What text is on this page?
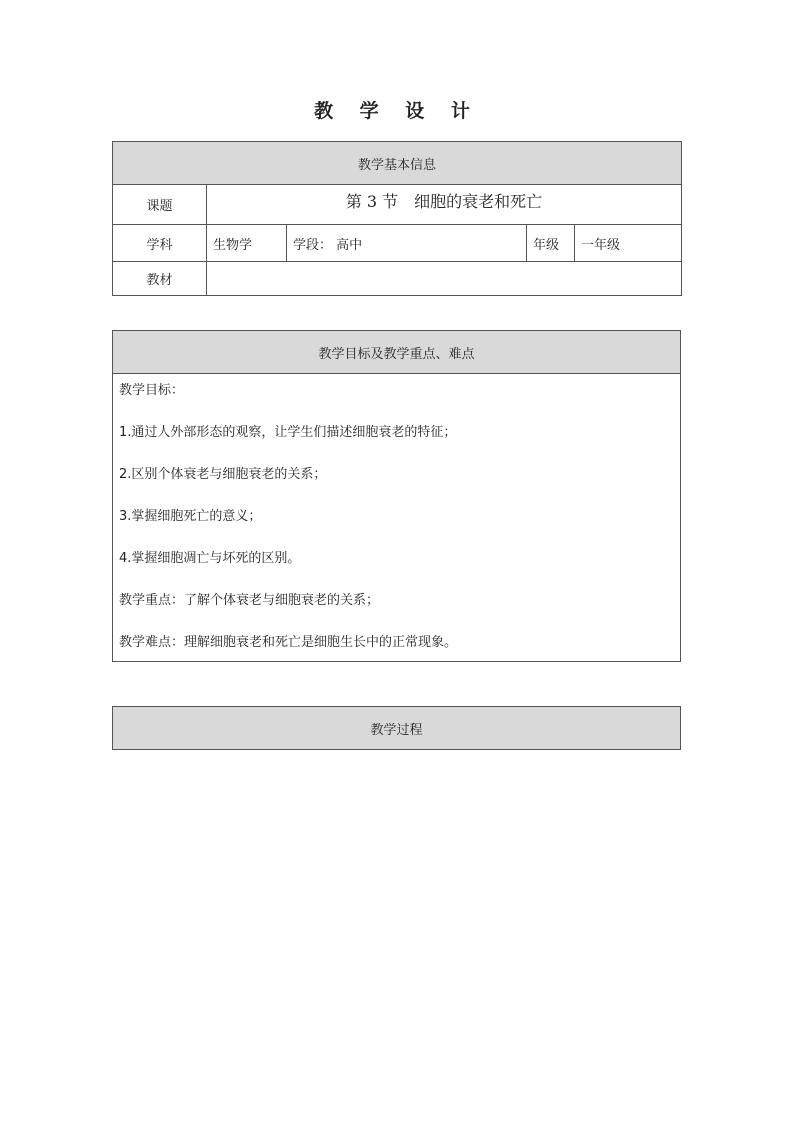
教 学 设 计
教学基本信息				
课题	第 3 节　细胞的衰老和死亡			
学科	生物学	学段： 高中	年级	一年级
教材				
教学目标及教学重点、难点

教学目标：

1.通过人外部形态的观察，让学生们描述细胞衰老的特征；

2.区别个体衰老与细胞衰老的关系；

3.掌握细胞死亡的意义；

4.掌握细胞凋亡与坏死的区别。

教学重点：了解个体衰老与细胞衰老的关系；

教学难点：理解细胞衰老和死亡是细胞生长中的正常现象。

教学过程
